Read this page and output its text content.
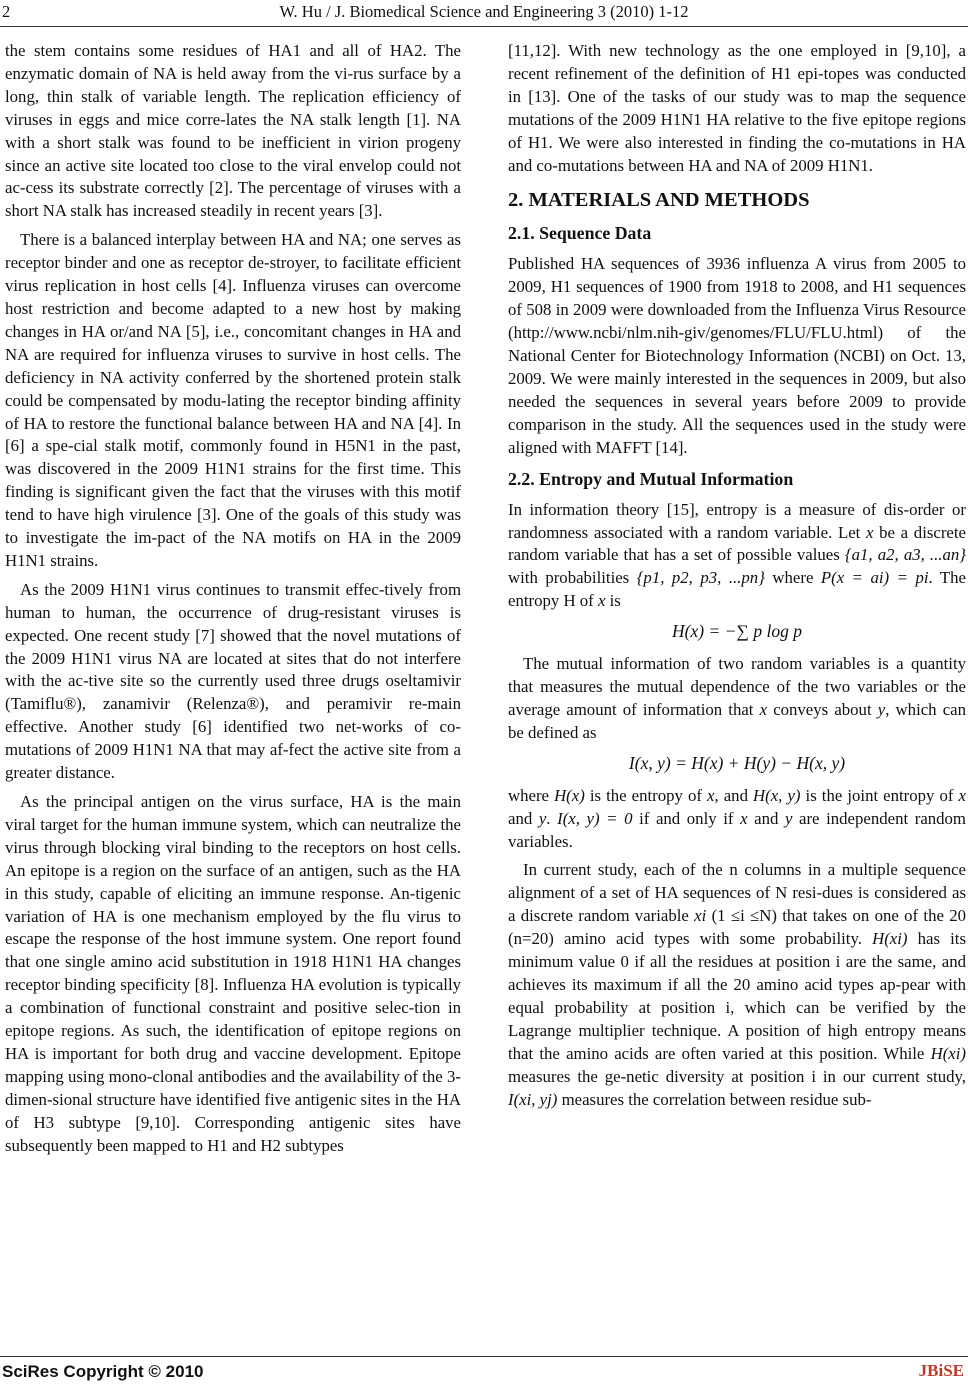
2	W. Hu / J. Biomedical Science and Engineering 3 (2010) 1-12

the stem contains some residues of HA1 and all of HA2. The enzymatic domain of NA is held away from the vi-rus surface by a long, thin stalk of variable length. The replication efficiency of viruses in eggs and mice corre-lates the NA stalk length [1]. NA with a short stalk was found to be inefficient in virion progeny since an active site located too close to the viral envelop could not ac-cess its substrate correctly [2]. The percentage of viruses with a short NA stalk has increased steadily in recent years [3].

There is a balanced interplay between HA and NA; one serves as receptor binder and one as receptor de-stroyer, to facilitate efficient virus replication in host cells [4]. Influenza viruses can overcome host restriction and become adapted to a new host by making changes in HA or/and NA [5], i.e., concomitant changes in HA and NA are required for influenza viruses to survive in host cells. The deficiency in NA activity conferred by the shortened protein stalk could be compensated by modu-lating the receptor binding affinity of HA to restore the functional balance between HA and NA [4]. In [6] a spe-cial stalk motif, commonly found in H5N1 in the past, was discovered in the 2009 H1N1 strains for the first time. This finding is significant given the fact that the viruses with this motif tend to have high virulence [3]. One of the goals of this study was to investigate the im-pact of the NA motifs on HA in the 2009 H1N1 strains.

As the 2009 H1N1 virus continues to transmit effec-tively from human to human, the occurrence of drug-resistant viruses is expected. One recent study [7] showed that the novel mutations of the 2009 H1N1 virus NA are located at sites that do not interfere with the ac-tive site so the currently used three drugs oseltamivir (Tamiflu®), zanamivir (Relenza®), and peramivir re-main effective. Another study [6] identified two net-works of co-mutations of 2009 H1N1 NA that may af-fect the active site from a greater distance.

As the principal antigen on the virus surface, HA is the main viral target for the human immune system, which can neutralize the virus through blocking viral binding to the receptors on host cells. An epitope is a region on the surface of an antigen, such as the HA in this study, capable of eliciting an immune response. An-tigenic variation of HA is one mechanism employed by the flu virus to escape the response of the host immune system. One report found that one single amino acid substitution in 1918 H1N1 HA changes receptor binding specificity [8]. Influenza HA evolution is typically a combination of functional constraint and positive selec-tion in epitope regions. As such, the identification of epitope regions on HA is important for both drug and vaccine development. Epitope mapping using mono-clonal antibodies and the availability of the 3-dimen-sional structure have identified five antigenic sites in the HA of H3 subtype [9,10]. Corresponding antigenic sites have subsequently been mapped to H1 and H2 subtypes

[11,12]. With new technology as the one employed in [9,10], a recent refinement of the definition of H1 epi-topes was conducted in [13]. One of the tasks of our study was to map the sequence mutations of the 2009 H1N1 HA relative to the five epitope regions of H1. We were also interested in finding the co-mutations in HA and co-mutations between HA and NA of 2009 H1N1.

2. MATERIALS AND METHODS
2.1. Sequence Data

Published HA sequences of 3936 influenza A virus from 2005 to 2009, H1 sequences of 1900 from 1918 to 2008, and H1 sequences of 508 in 2009 were downloaded from the Influenza Virus Resource (http://www.ncbi/nlm.nih-giv/genomes/FLU/FLU.html) of the National Center for Biotechnology Information (NCBI) on Oct. 13, 2009. We were mainly interested in the sequences in 2009, but also needed the sequences in several years before 2009 to provide comparison in the study. All the sequences used in the study were aligned with MAFFT [14].

2.2. Entropy and Mutual Information

In information theory [15], entropy is a measure of dis-order or randomness associated with a random variable. Let x be a discrete random variable that has a set of possible values {a1, a2, a3, ...an} with probabilities {p1, p2, p3, ...pn} where P(x = ai) = pi. The entropy H of x is

H(x) = −∑ p log p

The mutual information of two random variables is a quantity that measures the mutual dependence of the two variables or the average amount of information that x conveys about y, which can be defined as

I(x, y) = H(x) + H(y) − H(x, y)

where H(x) is the entropy of x, and H(x, y) is the joint entropy of x and y. I(x, y) = 0 if and only if x and y are independent random variables.

In current study, each of the n columns in a multiple sequence alignment of a set of HA sequences of N resi-dues is considered as a discrete random variable xi (1 ≤i ≤N) that takes on one of the 20 (n=20) amino acid types with some probability. H(xi) has its minimum value 0 if all the residues at position i are the same, and achieves its maximum if all the 20 amino acid types ap-pear with equal probability at position i, which can be verified by the Lagrange multiplier technique. A position of high entropy means that the amino acids are often varied at this position. While H(xi) measures the ge-netic diversity at position i in our current study, I(xi, yj) measures the correlation between residue sub-

SciRes Copyright © 2010	JBiSE
